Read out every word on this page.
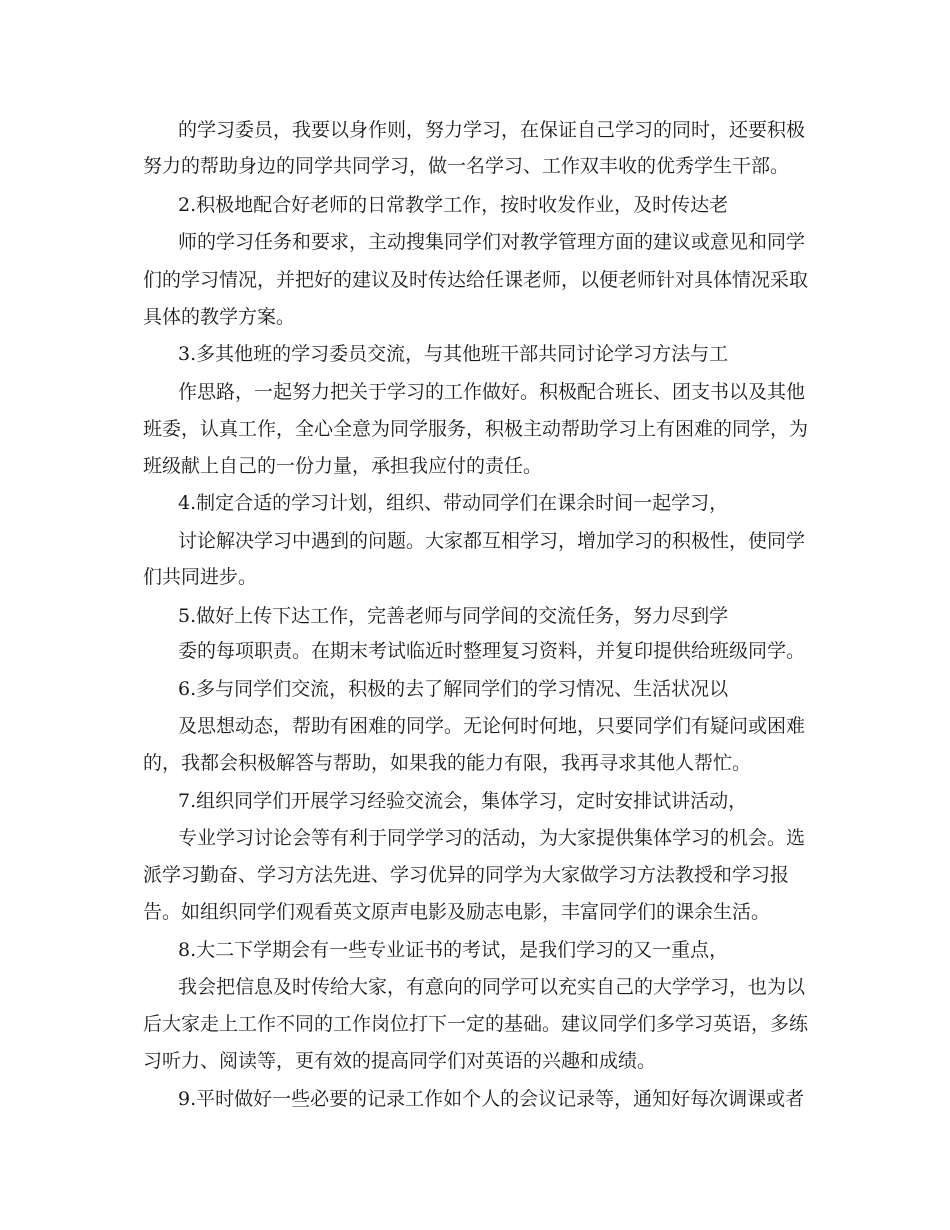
的学习委员，我要以身作则，努力学习，在保证自己学习的同时，还要积极
努力的帮助身边的同学共同学习，做一名学习、工作双丰收的优秀学生干部。
2.积极地配合好老师的日常教学工作，按时收发作业，及时传达老
师的学习任务和要求，主动搜集同学们对教学管理方面的建议或意见和同学
们的学习情况，并把好的建议及时传达给任课老师，以便老师针对具体情况采取
具体的教学方案。
3.多其他班的学习委员交流，与其他班干部共同讨论学习方法与工
作思路，一起努力把关于学习的工作做好。积极配合班长、团支书以及其他
班委，认真工作，全心全意为同学服务，积极主动帮助学习上有困难的同学，为
班级献上自己的一份力量，承担我应付的责任。
4.制定合适的学习计划，组织、带动同学们在课余时间一起学习，
讨论解决学习中遇到的问题。大家都互相学习，增加学习的积极性，使同学
们共同进步。
5.做好上传下达工作，完善老师与同学间的交流任务，努力尽到学
委的每项职责。在期末考试临近时整理复习资料，并复印提供给班级同学。
6.多与同学们交流，积极的去了解同学们的学习情况、生活状况以
及思想动态，帮助有困难的同学。无论何时何地，只要同学们有疑问或困难
的，我都会积极解答与帮助，如果我的能力有限，我再寻求其他人帮忙。
7.组织同学们开展学习经验交流会，集体学习，定时安排试讲活动，
专业学习讨论会等有利于同学学习的活动，为大家提供集体学习的机会。选
派学习勤奋、学习方法先进、学习优异的同学为大家做学习方法教授和学习报
告。如组织同学们观看英文原声电影及励志电影，丰富同学们的课余生活。
8.大二下学期会有一些专业证书的考试，是我们学习的又一重点，
我会把信息及时传给大家，有意向的同学可以充实自己的大学学习，也为以
后大家走上工作不同的工作岗位打下一定的基础。建议同学们多学习英语，多练
习听力、阅读等，更有效的提高同学们对英语的兴趣和成绩。
9.平时做好一些必要的记录工作如个人的会议记录等，通知好每次调课或者
